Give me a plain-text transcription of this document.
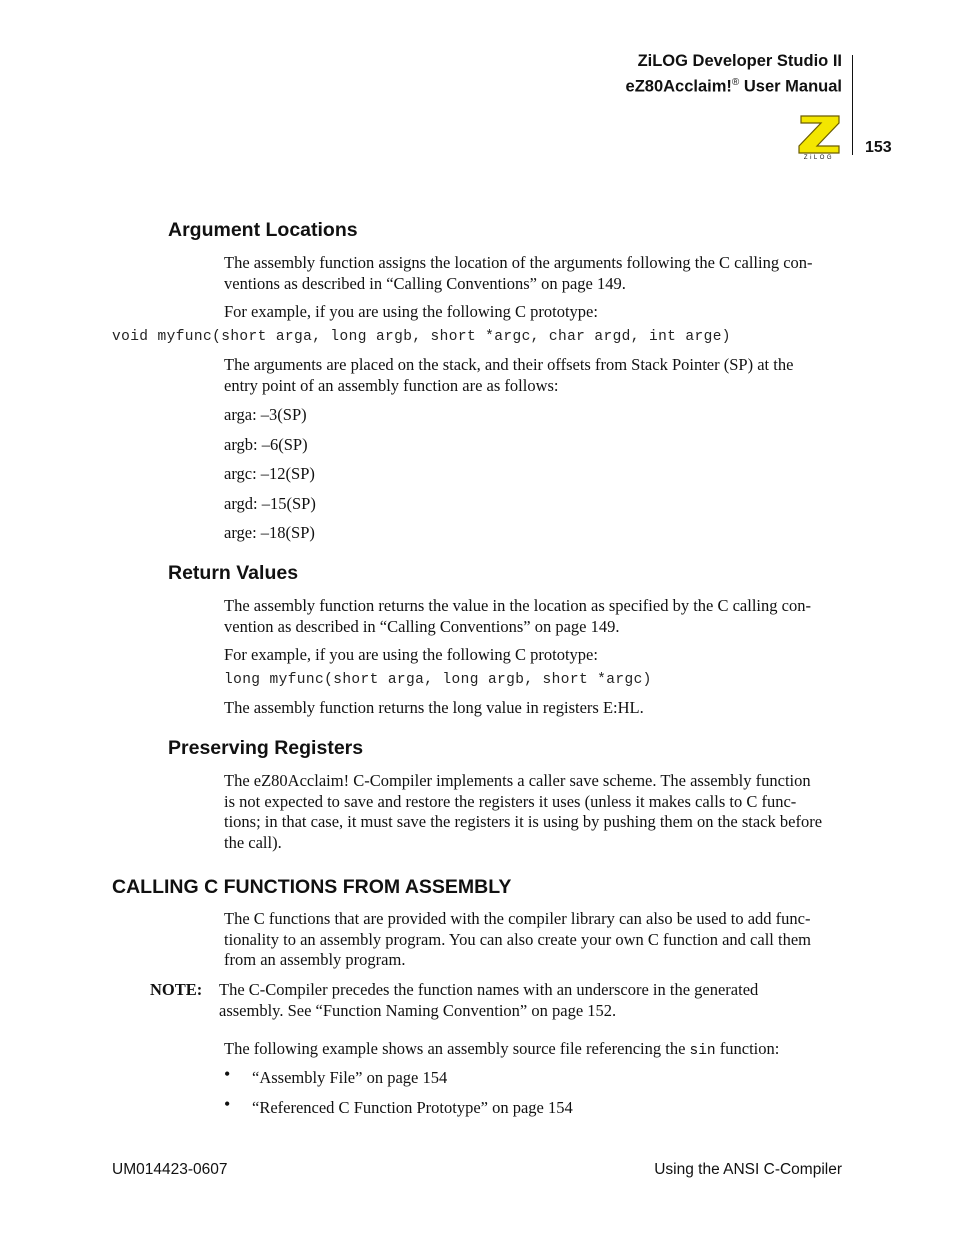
ZiLOG Developer Studio II
eZ80Acclaim!® User Manual
153
ZiLOG
Argument Locations
The assembly function assigns the location of the arguments following the C calling con-
ventions as described in “Calling Conventions” on page 149.
For example, if you are using the following C prototype:
void myfunc(short arga, long argb, short *argc, char argd, int arge)
The arguments are placed on the stack, and their offsets from Stack Pointer (SP) at the
entry point of an assembly function are as follows:
arga: –3(SP)
argb: –6(SP)
argc: –12(SP)
argd: –15(SP)
arge: –18(SP)
Return Values
The assembly function returns the value in the location as specified by the C calling con-
vention as described in “Calling Conventions” on page 149.
For example, if you are using the following C prototype:
long myfunc(short arga, long argb, short *argc)
The assembly function returns the long value in registers E:HL.
Preserving Registers
The eZ80Acclaim! C-Compiler implements a caller save scheme. The assembly function
is not expected to save and restore the registers it uses (unless it makes calls to C func-
tions; in that case, it must save the registers it is using by pushing them on the stack before
the call).
CALLING C FUNCTIONS FROM ASSEMBLY
The C functions that are provided with the compiler library can also be used to add func-
tionality to an assembly program. You can also create your own C function and call them
from an assembly program.
NOTE: The C-Compiler precedes the function names with an underscore in the generated
assembly. See “Function Naming Convention” on page 152.
The following example shows an assembly source file referencing the sin function:
• “Assembly File” on page 154
• “Referenced C Function Prototype” on page 154
UM014423-0607	Using the ANSI C-Compiler
